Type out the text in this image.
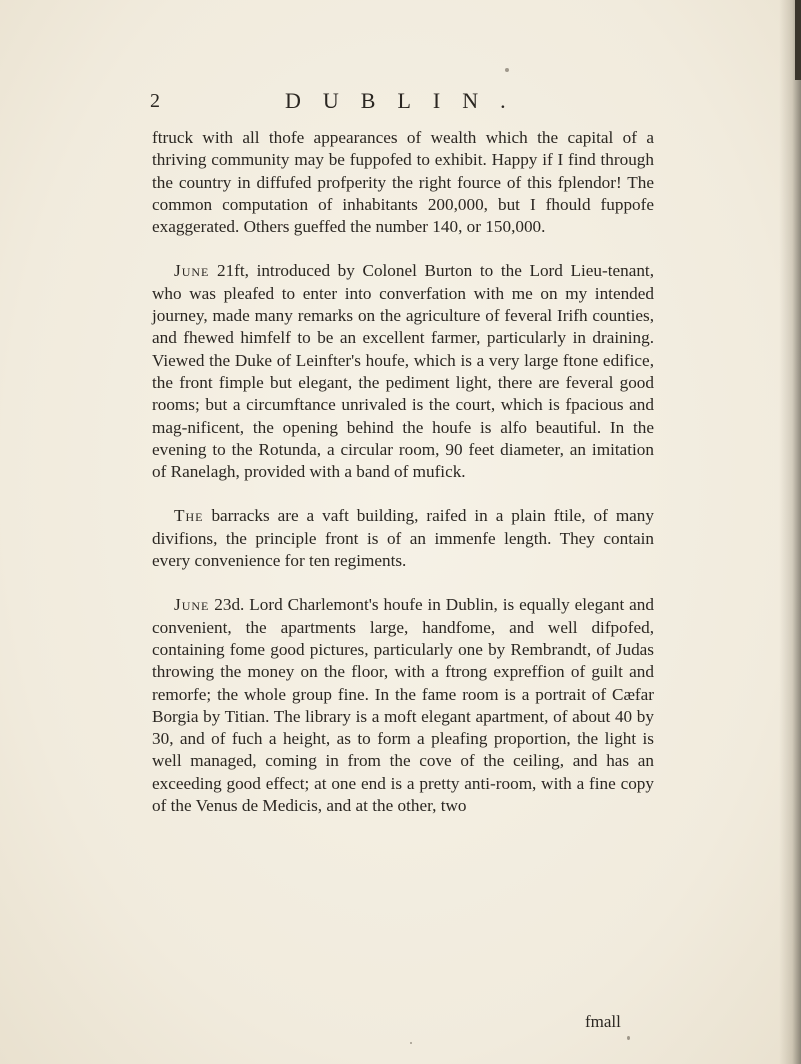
2	DUBLIN.

ftruck with all thofe appearances of wealth which the capital of a thriving community may be fuppofed to exhibit. Happy if I find through the country in diffufed profperity the right fource of this fplendor! The common computation of inhabitants 200,000, but I fhould fuppofe exaggerated. Others gueffed the number 140, or 150,000.

June 21ft, introduced by Colonel Burton to the Lord Lieu-tenant, who was pleafed to enter into converfation with me on my intended journey, made many remarks on the agriculture of feveral Irifh counties, and fhewed himfelf to be an excellent farmer, particularly in draining. Viewed the Duke of Leinfter's houfe, which is a very large ftone edifice, the front fimple but elegant, the pediment light, there are feveral good rooms; but a circumftance unrivaled is the court, which is fpacious and mag-nificent, the opening behind the houfe is alfo beautiful. In the evening to the Rotunda, a circular room, 90 feet diameter, an imitation of Ranelagh, provided with a band of mufick.

The barracks are a vaft building, raifed in a plain ftile, of many divifions, the principle front is of an immenfe length. They contain every convenience for ten regiments.

June 23d. Lord Charlemont's houfe in Dublin, is equally elegant and convenient, the apartments large, handfome, and well difpofed, containing fome good pictures, particularly one by Rembrandt, of Judas throwing the money on the floor, with a ftrong expreffion of guilt and remorfe; the whole group fine. In the fame room is a portrait of Cæfar Borgia by Titian. The library is a moft elegant apartment, of about 40 by 30, and of fuch a height, as to form a pleafing proportion, the light is well managed, coming in from the cove of the ceiling, and has an exceeding good effect; at one end is a pretty anti-room, with a fine copy of the Venus de Medicis, and at the other, two

fmall
